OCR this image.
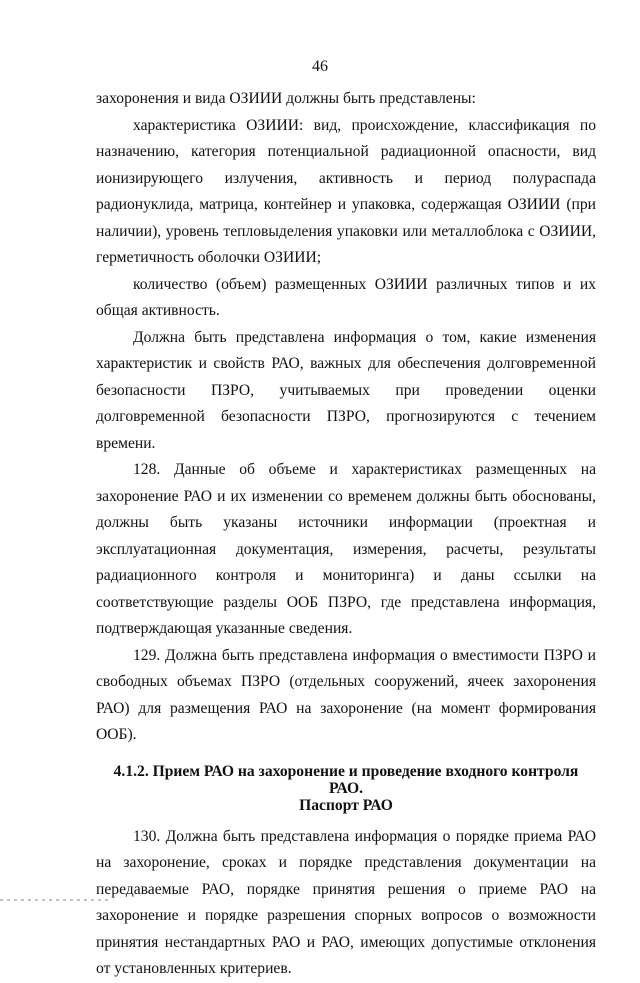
46

захоронения и вида ОЗИИИ должны быть представлены:

характеристика ОЗИИИ: вид, происхождение, классификация по назначению, категория потенциальной радиационной опасности, вид ионизирующего излучения, активность и период полураспада радионуклида, матрица, контейнер и упаковка, содержащая ОЗИИИ (при наличии), уровень тепловыделения упаковки или металлоблока с ОЗИИИ, герметичность оболочки ОЗИИИ;

количество (объем) размещенных ОЗИИИ различных типов и их общая активность.

Должна быть представлена информация о том, какие изменения характеристик и свойств РАО, важных для обеспечения долговременной безопасности ПЗРО, учитываемых при проведении оценки долговременной безопасности ПЗРО, прогнозируются с течением времени.

128. Данные об объеме и характеристиках размещенных на захоронение РАО и их изменении со временем должны быть обоснованы, должны быть указаны источники информации (проектная и эксплуатационная документация, измерения, расчеты, результаты радиационного контроля и мониторинга) и даны ссылки на соответствующие разделы ООБ ПЗРО, где представлена информация, подтверждающая указанные сведения.

129. Должна быть представлена информация о вместимости ПЗРО и свободных объемах ПЗРО (отдельных сооружений, ячеек захоронения РАО) для размещения РАО на захоронение (на момент формирования ООБ).

4.1.2. Прием РАО на захоронение и проведение входного контроля РАО.
Паспорт РАО

130. Должна быть представлена информация о порядке приема РАО на захоронение, сроках и порядке представления документации на передаваемые РАО, порядке принятия решения о приеме РАО на захоронение и порядке разрешения спорных вопросов о возможности принятия нестандартных РАО и РАО, имеющих допустимые отклонения от установленных критериев.
